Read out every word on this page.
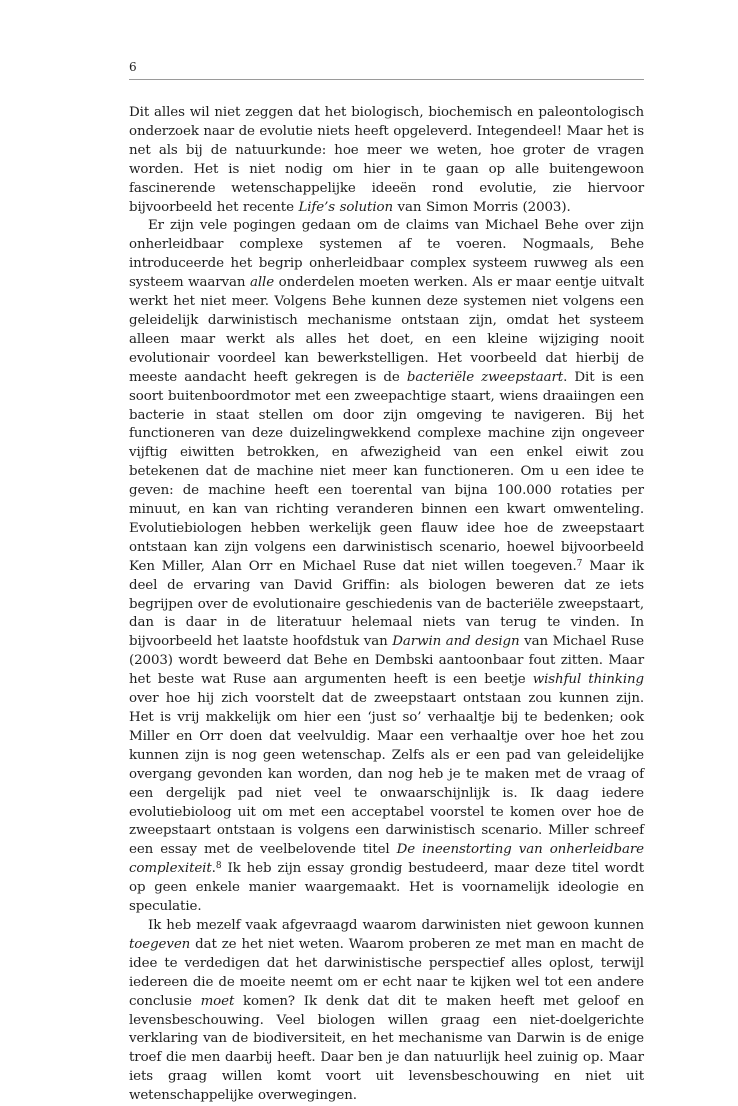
6

Dit alles wil niet zeggen dat het biologisch, biochemisch en paleontologisch onderzoek naar de evolutie niets heeft opgeleverd. Integendeel! Maar het is net als bij de natuurkunde: hoe meer we weten, hoe groter de vragen worden. Het is niet nodig om hier in te gaan op alle buitengewoon fascinerende wetenschappelijke ideeën rond evolutie, zie hiervoor bijvoorbeeld het recente Life’s solution van Simon Morris (2003).

Er zijn vele pogingen gedaan om de claims van Michael Behe over zijn onherleidbaar complexe systemen af te voeren. Nogmaals, Behe introduceerde het begrip onherleidbaar complex systeem ruwweg als een systeem waarvan alle onderdelen moeten werken. Als er maar eentje uitvalt werkt het niet meer. Volgens Behe kunnen deze systemen niet volgens een geleidelijk darwinistisch mechanisme ontstaan zijn, omdat het systeem alleen maar werkt als alles het doet, en een kleine wijziging nooit evolutionair voordeel kan bewerkstelligen. Het voorbeeld dat hierbij de meeste aandacht heeft gekregen is de bacteriële zweepstaart. Dit is een soort buitenboordmotor met een zweepachtige staart, wiens draaiingen een bacterie in staat stellen om door zijn omgeving te navigeren. Bij het functioneren van deze duizelingwekkend complexe machine zijn ongeveer vijftig eiwitten betrokken, en afwezigheid van een enkel eiwit zou betekenen dat de machine niet meer kan functioneren. Om u een idee te geven: de machine heeft een toerental van bijna 100.000 rotaties per minuut, en kan van richting veranderen binnen een kwart omwenteling. Evolutiebiologen hebben werkelijk geen flauw idee hoe de zweepstaart ontstaan kan zijn volgens een darwinistisch scenario, hoewel bijvoorbeeld Ken Miller, Alan Orr en Michael Ruse dat niet willen toegeven.$^7$ Maar ik deel de ervaring van David Griffin: als biologen beweren dat ze iets begrijpen over de evolutionaire geschiedenis van de bacteriële zweepstaart, dan is daar in de literatuur helemaal niets van terug te vinden. In bijvoorbeeld het laatste hoofdstuk van Darwin and design van Michael Ruse (2003) wordt beweerd dat Behe en Dembski aantoonbaar fout zitten. Maar het beste wat Ruse aan argumenten heeft is een beetje wishful thinking over hoe hij zich voorstelt dat de zweepstaart ontstaan zou kunnen zijn. Het is vrij makkelijk om hier een ‘just so’ verhaaltje bij te bedenken; ook Miller en Orr doen dat veelvuldig. Maar een verhaaltje over hoe het zou kunnen zijn is nog geen wetenschap. Zelfs als er een pad van geleidelijke overgang gevonden kan worden, dan nog heb je te maken met de vraag of een dergelijk pad niet veel te onwaarschijnlijk is. Ik daag iedere evolutiebioloog uit om met een acceptabel voorstel te komen over hoe de zweepstaart ontstaan is volgens een darwinistisch scenario. Miller schreef een essay met de veelbelovende titel De ineenstorting van onherleidbare complexiteit.$^8$ Ik heb zijn essay grondig bestudeerd, maar deze titel wordt op geen enkele manier waargemaakt. Het is voornamelijk ideologie en speculatie.

Ik heb mezelf vaak afgevraagd waarom darwinisten niet gewoon kunnen toegeven dat ze het niet weten. Waarom proberen ze met man en macht de idee te verdedigen dat het darwinistische perspectief alles oplost, terwijl iedereen die de moeite neemt om er echt naar te kijken wel tot een andere conclusie moet komen? Ik denk dat dit te maken heeft met geloof en levensbeschouwing. Veel biologen willen graag een niet-doelgerichte verklaring van de biodiversiteit, en het mechanisme van Darwin is de enige troef die men daarbij heeft. Daar ben je dan natuurlijk heel zuinig op. Maar iets graag willen komt voort uit levensbeschouwing en niet uit wetenschappelijke overwegingen.
